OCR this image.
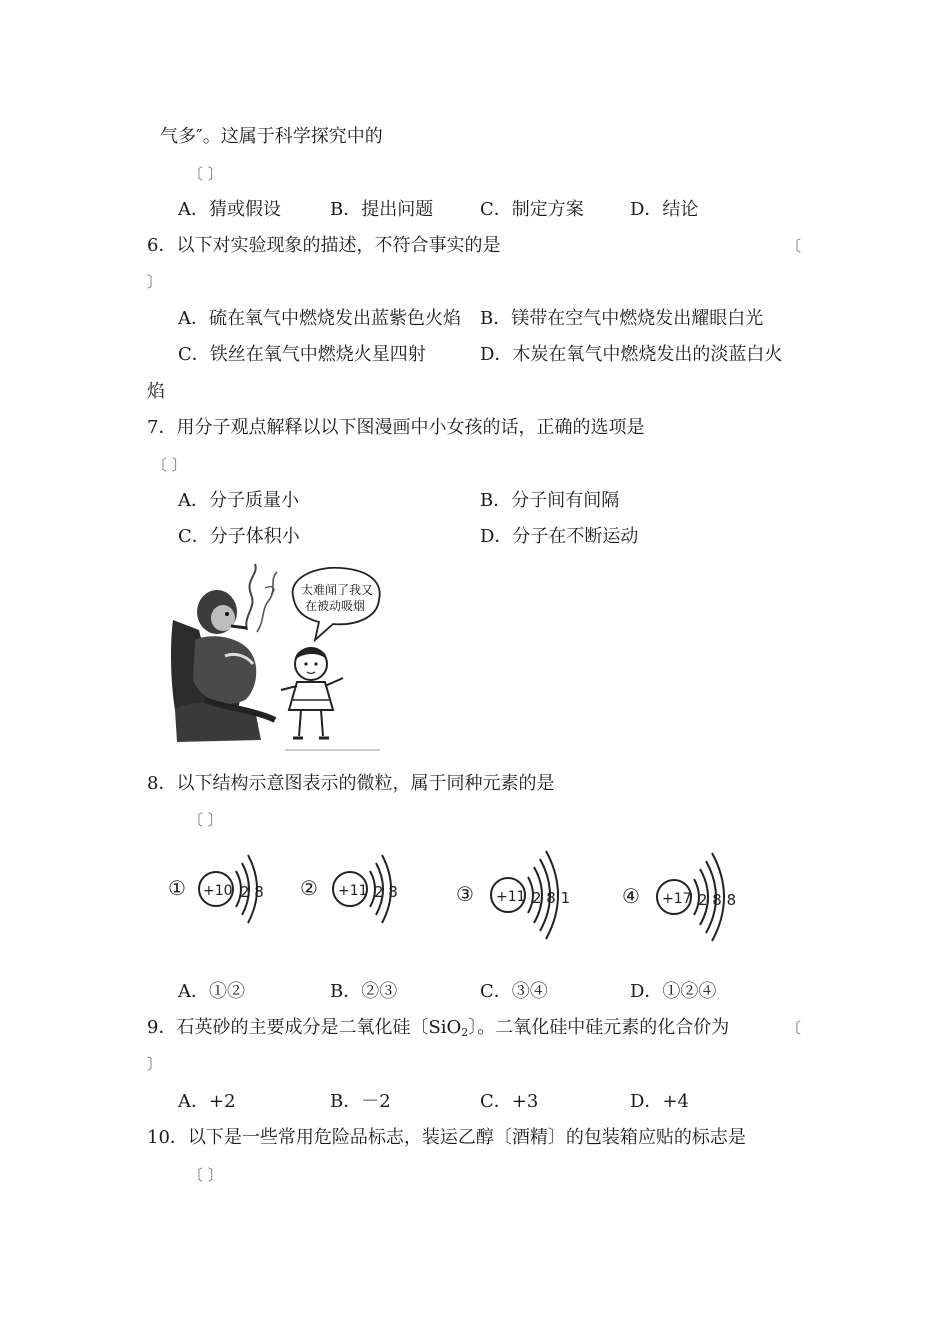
气多″。这属于科学探究中的
〔 〕
A．猜或假设	B．提出问题	C．制定方案	D．结论
6．以下对实验现象的描述，不符合事实的是	〔
〕
A．硫在氧气中燃烧发出蓝紫色火焰 B．镁带在空气中燃烧发出耀眼白光
C．铁丝在氧气中燃烧火星四射	D．木炭在氧气中燃烧发出的淡蓝白火
焰
7．用分子观点解释以以下图漫画中小女孩的话，正确的选项是
〔 〕
A．分子质量小	B．分子间有间隔
C．分子体积小	D．分子在不断运动
太难闻了我又
在被动吸烟
8．以下结构示意图表示的微粒，属于同种元素的是
〔 〕
① +10 2 8 ② +11 2 8	③ +11 2 8 1	④ +17 2 8 8
A．①②	B．②③	C．③④	D．①②④
9．石英砂的主要成分是二氧化硅〔SiO$_2$〕。二氧化硅中硅元素的化合价为	〔
〕
A．+2	B．－2	C．+3	D．+4
10．以下是一些常用危险品标志，装运乙醇〔酒精〕的包装箱应贴的标志是
〔 〕
